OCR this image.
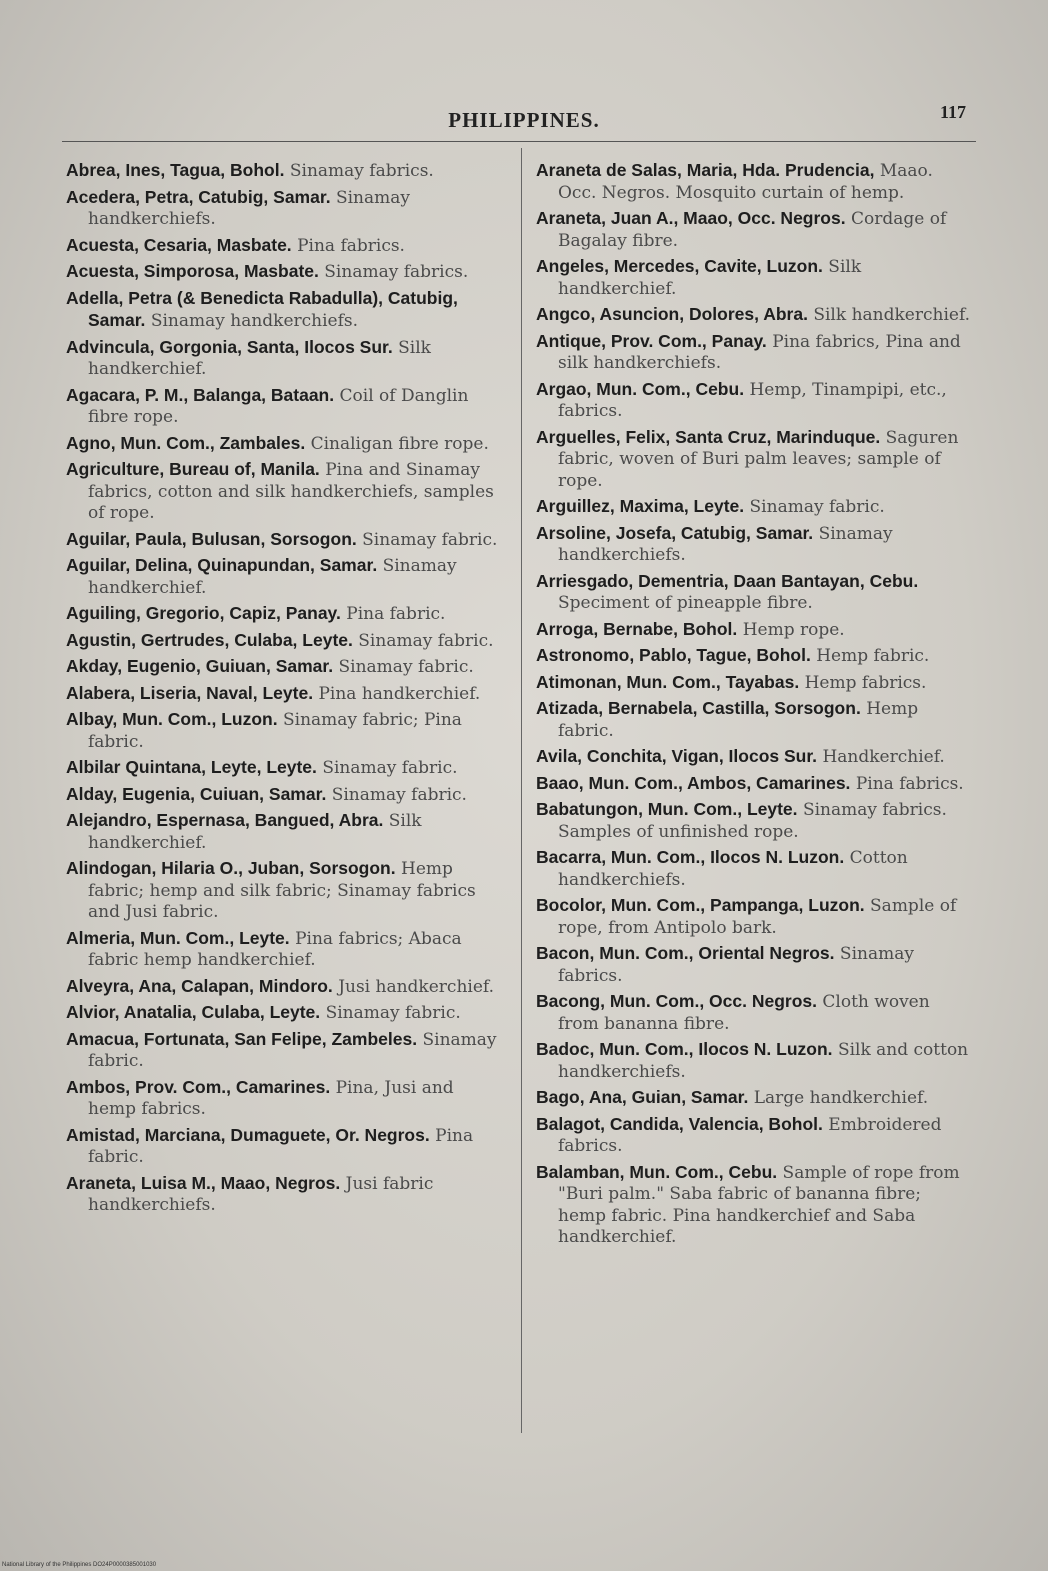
PHILIPPINES.	117

Abrea, Ines, Tagua, Bohol. Sinamay fabrics.

Acedera, Petra, Catubig, Samar. Sinamay handkerchiefs.

Acuesta, Cesaria, Masbate. Pina fabrics.

Acuesta, Simporosa, Masbate. Sinamay fabrics.

Adella, Petra (& Benedicta Rabadulla), Catubig, Samar. Sinamay handkerchiefs.

Advincula, Gorgonia, Santa, Ilocos Sur. Silk handkerchief.

Agacara, P. M., Balanga, Bataan. Coil of Danglin fibre rope.

Agno, Mun. Com., Zambales. Cinaligan fibre rope.

Agriculture, Bureau of, Manila. Pina and Sinamay fabrics, cotton and silk handkerchiefs, samples of rope.

Aguilar, Paula, Bulusan, Sorsogon. Sinamay fabric.

Aguilar, Delina, Quinapundan, Samar. Sinamay handkerchief.

Aguiling, Gregorio, Capiz, Panay. Pina fabric.

Agustin, Gertrudes, Culaba, Leyte. Sinamay fabric.

Akday, Eugenio, Guiuan, Samar. Sinamay fabric.

Alabera, Liseria, Naval, Leyte. Pina handkerchief.

Albay, Mun. Com., Luzon. Sinamay fabric; Pina fabric.

Albilar Quintana, Leyte, Leyte. Sinamay fabric.

Alday, Eugenia, Cuiuan, Samar. Sinamay fabric.

Alejandro, Espernasa, Bangued, Abra. Silk handkerchief.

Alindogan, Hilaria O., Juban, Sorsogon. Hemp fabric; hemp and silk fabric; Sinamay fabrics and Jusi fabric.

Almeria, Mun. Com., Leyte. Pina fabrics; Abaca fabric hemp handkerchief.

Alveyra, Ana, Calapan, Mindoro. Jusi handkerchief.

Alvior, Anatalia, Culaba, Leyte. Sinamay fabric.

Amacua, Fortunata, San Felipe, Zambeles. Sinamay fabric.

Ambos, Prov. Com., Camarines. Pina, Jusi and hemp fabrics.

Amistad, Marciana, Dumaguete, Or. Negros. Pina fabric.

Araneta, Luisa M., Maao, Negros. Jusi fabric handkerchiefs.

Araneta de Salas, Maria, Hda. Prudencia, Maao. Occ. Negros. Mosquito curtain of hemp.

Araneta, Juan A., Maao, Occ. Negros. Cordage of Bagalay fibre.

Angeles, Mercedes, Cavite, Luzon. Silk handkerchief.

Angco, Asuncion, Dolores, Abra. Silk handkerchief.

Antique, Prov. Com., Panay. Pina fabrics, Pina and silk handkerchiefs.

Argao, Mun. Com., Cebu. Hemp, Tinampipi, etc., fabrics.

Arguelles, Felix, Santa Cruz, Marinduque. Saguren fabric, woven of Buri palm leaves; sample of rope.

Arguillez, Maxima, Leyte. Sinamay fabric.

Arsoline, Josefa, Catubig, Samar. Sinamay handkerchiefs.

Arriesgado, Dementria, Daan Bantayan, Cebu. Speciment of pineapple fibre.

Arroga, Bernabe, Bohol. Hemp rope.

Astronomo, Pablo, Tague, Bohol. Hemp fabric.

Atimonan, Mun. Com., Tayabas. Hemp fabrics.

Atizada, Bernabela, Castilla, Sorsogon. Hemp fabric.

Avila, Conchita, Vigan, Ilocos Sur. Handkerchief.

Baao, Mun. Com., Ambos, Camarines. Pina fabrics.

Babatungon, Mun. Com., Leyte. Sinamay fabrics. Samples of unfinished rope.

Bacarra, Mun. Com., Ilocos N. Luzon. Cotton handkerchiefs.

Bocolor, Mun. Com., Pampanga, Luzon. Sample of rope, from Antipolo bark.

Bacon, Mun. Com., Oriental Negros. Sinamay fabrics.

Bacong, Mun. Com., Occ. Negros. Cloth woven from bananna fibre.

Badoc, Mun. Com., Ilocos N. Luzon. Silk and cotton handkerchiefs.

Bago, Ana, Guian, Samar. Large handkerchief.

Balagot, Candida, Valencia, Bohol. Embroidered fabrics.

Balamban, Mun. Com., Cebu. Sample of rope from "Buri palm." Saba fabric of bananna fibre; hemp fabric. Pina handkerchief and Saba handkerchief.

National Library of the Philippines DO24P0000385001030
